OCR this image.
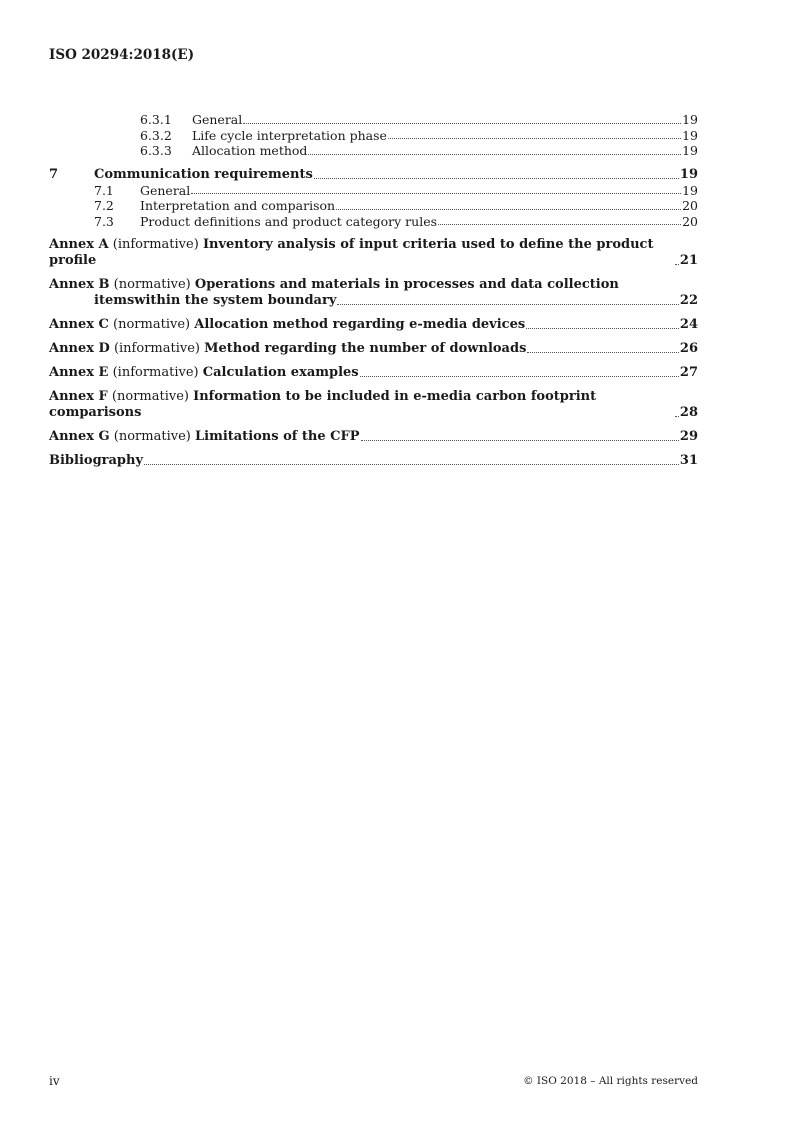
ISO 20294:2018(E)
6.3.1 General	19
6.3.2 Life cycle interpretation phase	19
6.3.3 Allocation method	19
7	Communication requirements	19
7.1 General	19
7.2 Interpretation and comparison	20
7.3 Product definitions and product category rules	20
Annex A (informative) Inventory analysis of input criteria used to define the product profile	21
Annex B (normative) Operations and materials in processes and data collection
itemswithin the system boundary	22
Annex C (normative) Allocation method regarding e-media devices	24
Annex D (informative) Method regarding the number of downloads	26
Annex E (informative) Calculation examples	27
Annex F (normative) Information to be included in e-media carbon footprint comparisons	28
Annex G (normative) Limitations of the CFP	29
Bibliography	31
iv	© ISO 2018 – All rights reserved
